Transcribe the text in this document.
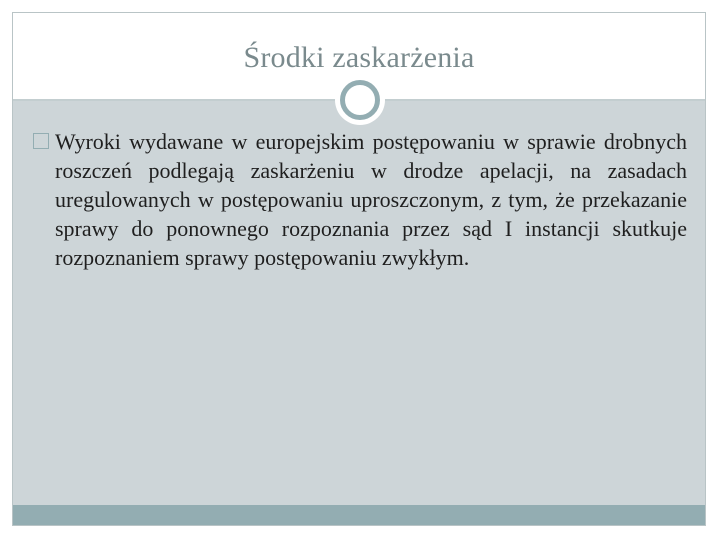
Środki zaskarżenia
Wyroki wydawane w europejskim postępowaniu w sprawie drobnych roszczeń podlegają zaskarżeniu w drodze apelacji, na zasadach uregulowanych w postępowaniu uproszczonym, z tym, że przekazanie sprawy do ponownego rozpoznania przez sąd I instancji skutkuje rozpoznaniem sprawy postępowaniu zwykłym.
